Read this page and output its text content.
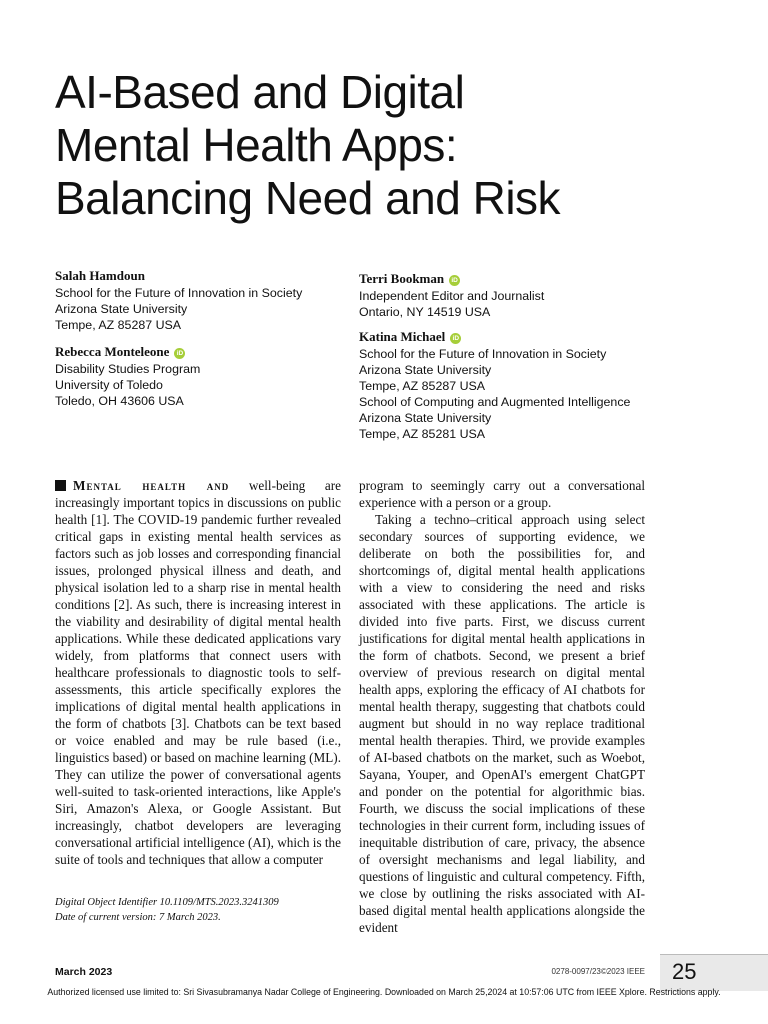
AI-Based and Digital
Mental Health Apps:
Balancing Need and Risk
Salah Hamdoun
School for the Future of Innovation in Society
Arizona State University
Tempe, AZ 85287 USA
Rebecca Monteleone iD
Disability Studies Program
University of Toledo
Toledo, OH 43606 USA
Terri Bookman iD
Independent Editor and Journalist
Ontario, NY 14519 USA
Katina Michael iD
School for the Future of Innovation in Society
Arizona State University
Tempe, AZ 85287 USA
School of Computing and Augmented Intelligence
Arizona State University
Tempe, AZ 85281 USA

Mental health and well-being are increasingly important topics in discussions on public health [1]. The COVID-19 pandemic further revealed critical gaps in existing mental health services as factors such as job losses and corresponding financial issues, prolonged physical illness and death, and physical isolation led to a sharp rise in mental health conditions [2]. As such, there is increasing interest in the viability and desirability of digital mental health applications. While these dedicated applications vary widely, from platforms that connect users with healthcare professionals to diagnostic tools to self-assessments, this article specifically explores the implications of digital mental health applications in the form of chatbots [3]. Chatbots can be text based or voice enabled and may be rule based (i.e., linguistics based) or based on machine learning (ML). They can utilize the power of conversational agents well-suited to task-oriented interactions, like Apple's Siri, Amazon's Alexa, or Google Assistant. But increasingly, chatbot developers are leveraging conversational artificial intelligence (AI), which is the suite of tools and techniques that allow a computer

program to seemingly carry out a conversational experience with a person or a group.

Taking a techno–critical approach using select secondary sources of supporting evidence, we deliberate on both the possibilities for, and shortcomings of, digital mental health applications with a view to considering the need and risks associated with these applications. The article is divided into five parts. First, we discuss current justifications for digital mental health applications in the form of chatbots. Second, we present a brief overview of previous research on digital mental health apps, exploring the efficacy of AI chatbots for mental health therapy, suggesting that chatbots could augment but should in no way replace traditional mental health therapies. Third, we provide examples of AI-based chatbots on the market, such as Woebot, Sayana, Youper, and OpenAI's emergent ChatGPT and ponder on the potential for algorithmic bias. Fourth, we discuss the social implications of these technologies in their current form, including issues of inequitable distribution of care, privacy, the absence of oversight mechanisms and legal liability, and questions of linguistic and cultural competency. Fifth, we close by outlining the risks associated with AI-based digital mental health applications alongside the evident

Digital Object Identifier 10.1109/MTS.2023.3241309
Date of current version: 7 March 2023.
March 2023	0278-0097/23©2023 IEEE 25
Authorized licensed use limited to: Sri Sivasubramanya Nadar College of Engineering. Downloaded on March 25,2024 at 10:57:06 UTC from IEEE Xplore. Restrictions apply.
